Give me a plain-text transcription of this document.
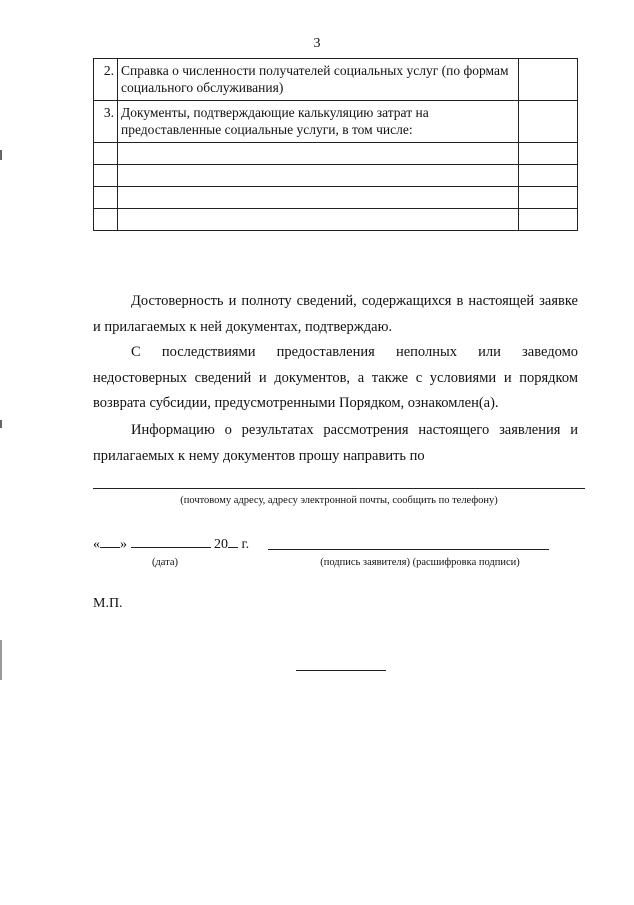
3
2.	Справка о численности получателей социальных услуг (по формам социального обслуживания)	
3.	Документы, подтверждающие калькуляцию затрат на предоставленные социальные услуги, в том числе:	

Достоверность и полноту сведений, содержащихся в настоящей заявке и прилагаемых к ней документах, подтверждаю.

С последствиями предоставления неполных или заведомо недостоверных сведений и документов, а также с условиями и порядком возврата субсидии, предусмотренными Порядком, ознакомлен(а).

Информацию о результатах рассмотрения настоящего заявления и прилагаемых к нему документов прошу направить по

(почтовому адресу, адресу электронной почты, сообщить по телефону)
« »	20 г.
(дата)	(подпись заявителя) (расшифровка подписи)
М.П.
